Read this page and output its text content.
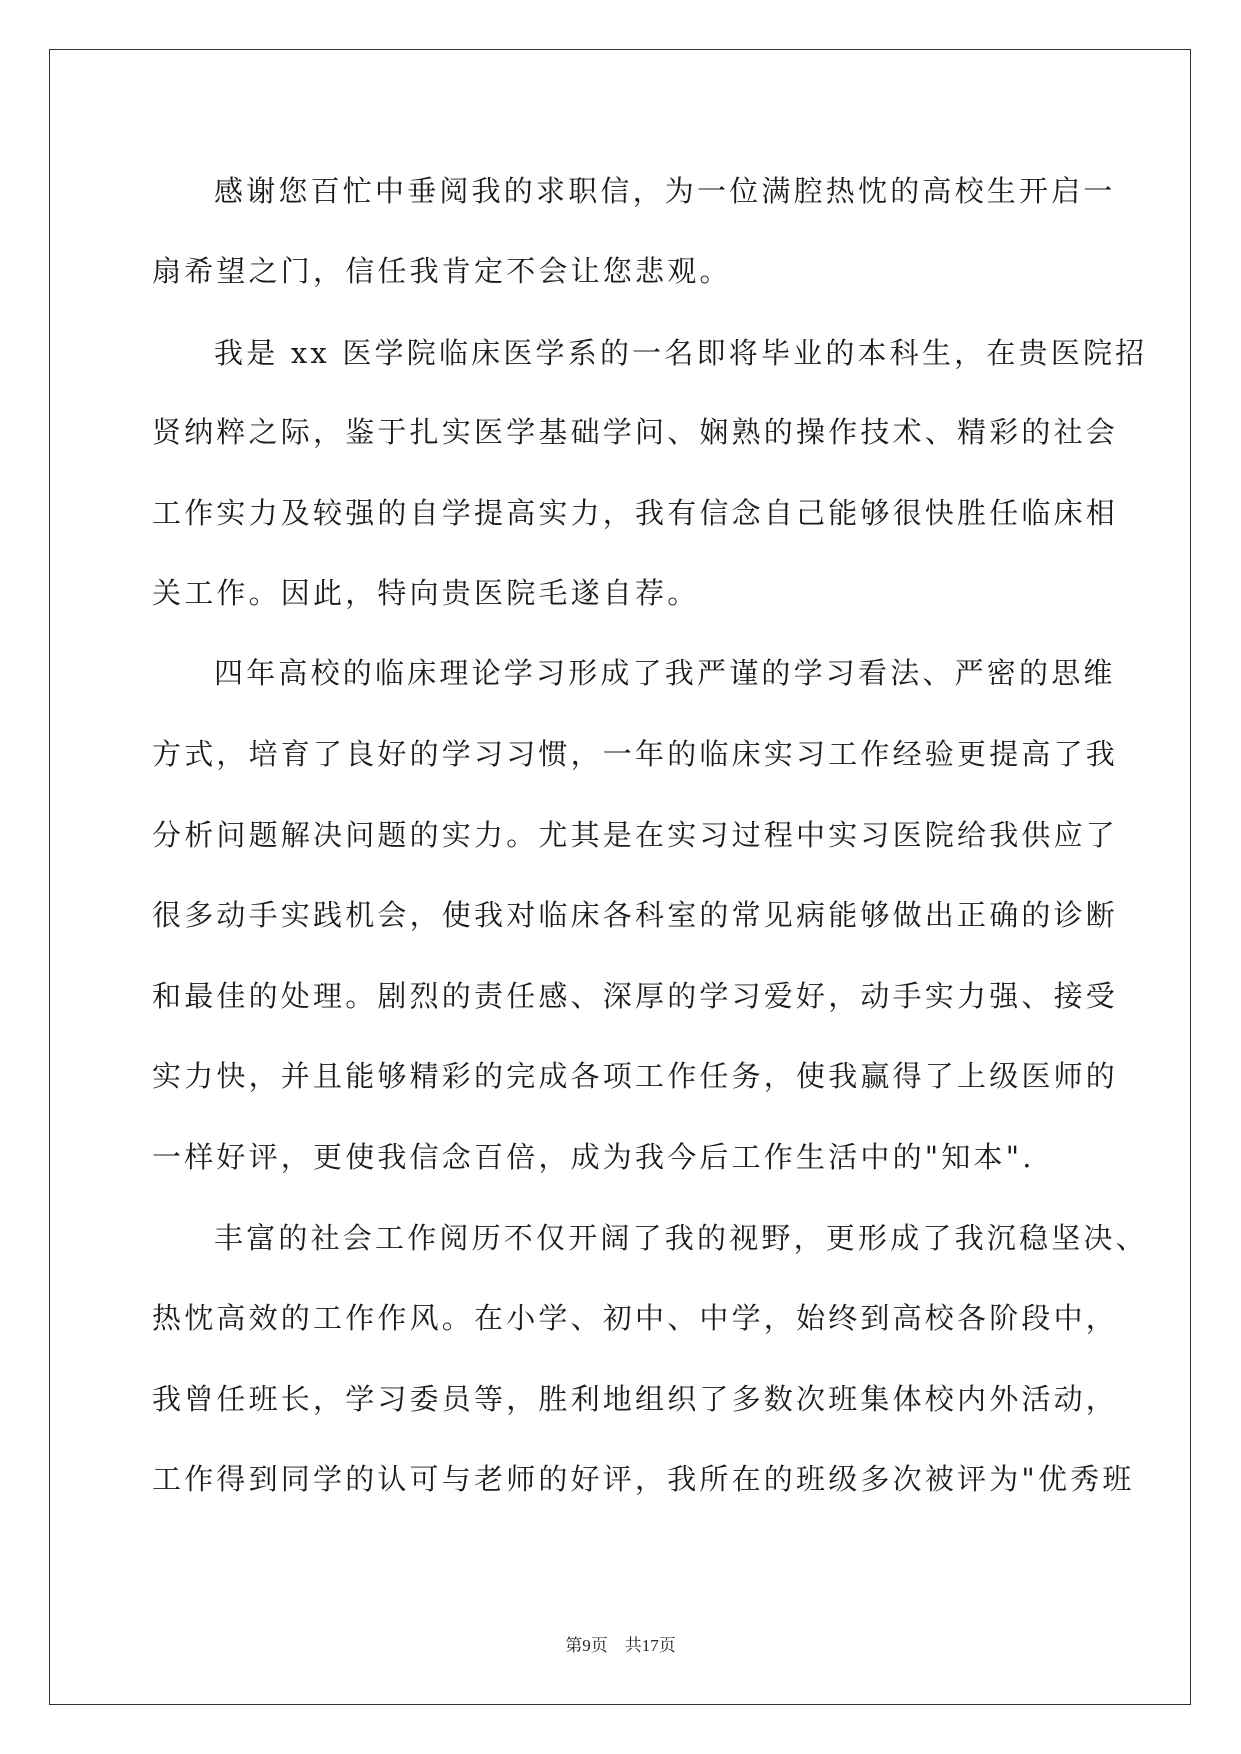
感谢您百忙中垂阅我的求职信，为一位满腔热忱的高校生开启一
扇希望之门，信任我肯定不会让您悲观。
我是 xx 医学院临床医学系的一名即将毕业的本科生，在贵医院招
贤纳粹之际，鉴于扎实医学基础学问、娴熟的操作技术、精彩的社会
工作实力及较强的自学提高实力，我有信念自己能够很快胜任临床相
关工作。因此，特向贵医院毛遂自荐。
四年高校的临床理论学习形成了我严谨的学习看法、严密的思维
方式，培育了良好的学习习惯，一年的临床实习工作经验更提高了我
分析问题解决问题的实力。尤其是在实习过程中实习医院给我供应了
很多动手实践机会，使我对临床各科室的常见病能够做出正确的诊断
和最佳的处理。剧烈的责任感、深厚的学习爱好，动手实力强、接受
实力快，并且能够精彩的完成各项工作任务，使我赢得了上级医师的
一样好评，更使我信念百倍，成为我今后工作生活中的"知本".
丰富的社会工作阅历不仅开阔了我的视野，更形成了我沉稳坚决、
热忱高效的工作作风。在小学、初中、中学，始终到高校各阶段中，
我曾任班长，学习委员等，胜利地组织了多数次班集体校内外活动，
工作得到同学的认可与老师的好评，我所在的班级多次被评为"优秀班
第9页 共17页
